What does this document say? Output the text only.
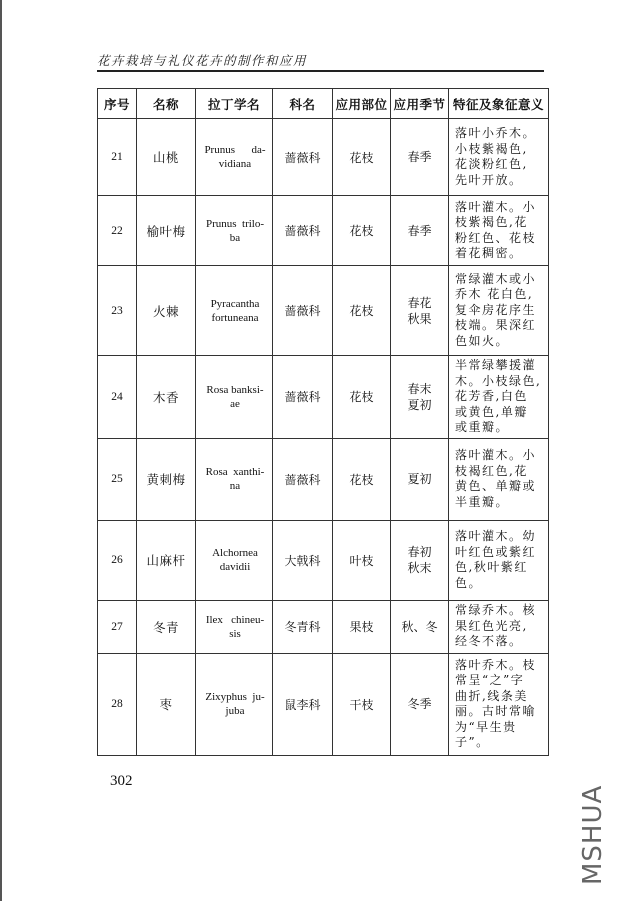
花卉栽培与礼仪花卉的制作和应用
序号	名称	拉丁学名	科名	应用部位	应用季节	特征及象征意义
21	山桃	Prunus      da-
vidiana	蔷薇科	花枝	春季	落叶小乔木。
小枝紫褐色,
花淡粉红色,
先叶开放。

22	榆叶梅	Prunus  trilo-
ba	蔷薇科	花枝	春季	落叶灌木。小
枝紫褐色,花
粉红色、花枝
着花稠密。

23	火棘	Pyracantha
fortuneana	蔷薇科	花枝	春花
秋果	常绿灌木或小
乔木 花白色,
复伞房花序生
枝端。果深红
色如火。

24	木香	Rosa banksi-
ae	蔷薇科	花枝	春末
夏初	半常绿攀援灌
木。小枝绿色,
花芳香,白色
或黄色,单瓣
或重瓣。

25	黄刺梅	Rosa  xanthi-
na	蔷薇科	花枝	夏初	落叶灌木。小
枝褐红色,花
黄色、单瓣或
半重瓣。

26	山麻杆	Alchornea
davidii	大戟科	叶枝	春初
秋末	落叶灌木。幼
叶红色或紫红
色,秋叶紫红
色。

27	冬青	Ilex   chineu-
sis	冬青科	果枝	秋、冬	常绿乔木。核
果红色光亮,
经冬不落。

28	枣	Zixyphus  ju-
juba	鼠李科	干枝	冬季

落叶乔木。枝
常呈“之”字
曲折,线条美
丽。古时常喻
为“早生贵
子”。
302
MSHUA
